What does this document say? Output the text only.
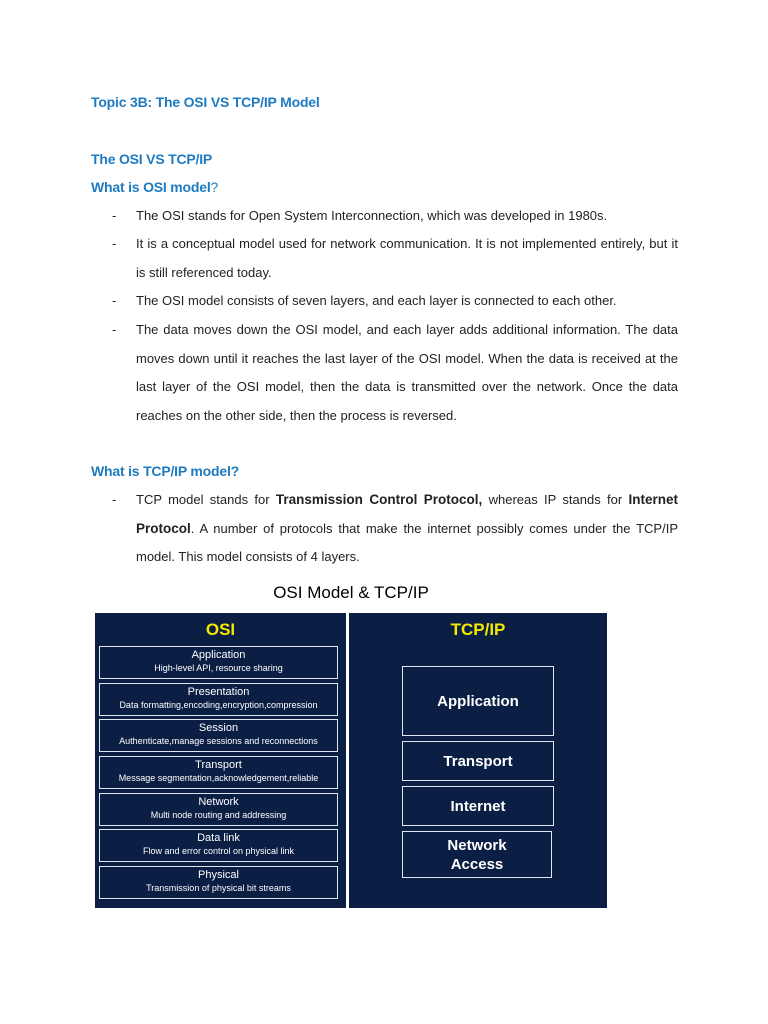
Topic 3B: The OSI VS TCP/IP Model
The OSI VS TCP/IP
What is OSI model?
-	The OSI stands for Open System Interconnection, which was developed in 1980s.
-	It is a conceptual model used for network communication. It is not implemented entirely, but it is still referenced today.
-	The OSI model consists of seven layers, and each layer is connected to each other.
-	The data moves down the OSI model, and each layer adds additional information. The data moves down until it reaches the last layer of the OSI model. When the data is received at the last layer of the OSI model, then the data is transmitted over the network. Once the data reaches on the other side, then the process is reversed.
What is TCP/IP model?
-	TCP model stands for Transmission Control Protocol, whereas IP stands for Internet Protocol. A number of protocols that make the internet possibly comes under the TCP/IP model. This model consists of 4 layers.
OSI Model & TCP/IP
OSI
Application
High-level API, resource sharing
Presentation
Data formatting,encoding,encryption,compression
Session
Authenticate,manage sessions and reconnections
Transport
Message segmentation,acknowledgement,reliable
Network
Multi node routing and addressing
Data link
Flow and error control on physical link
Physical
Transmission of physical bit streams
TCP/IP
Application
Transport
Internet
Network Access
